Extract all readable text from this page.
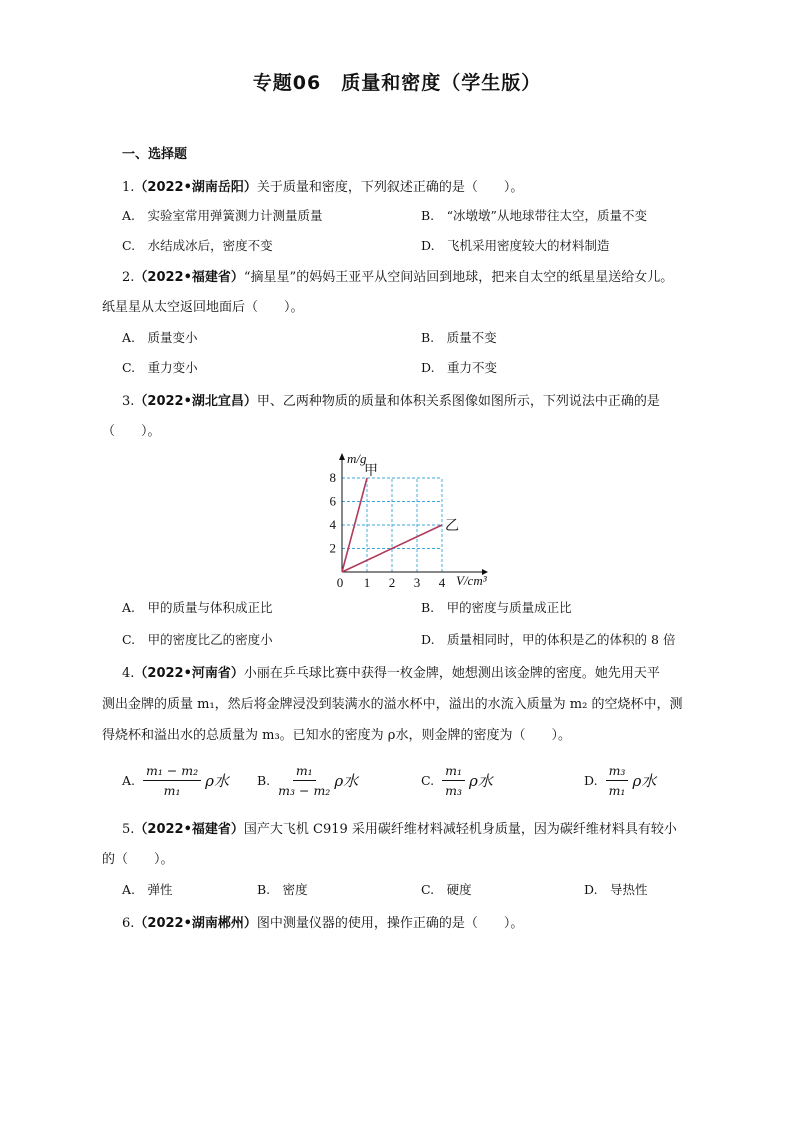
专题06　质量和密度（学生版）
一、选择题
1.（2022•湖南岳阳）关于质量和密度，下列叙述正确的是（　　）。
A.　实验室常用弹簧测力计测量质量	B.　“冰墩墩”从地球带往太空，质量不变
C.　水结成冰后，密度不变	D.　飞机采用密度较大的材料制造
2.（2022•福建省）“摘星星”的妈妈王亚平从空间站回到地球，把来自太空的纸星星送给女儿。
纸星星从太空返回地面后（　　）。
A.　质量变小	B.　质量不变
C.　重力变小	D.　重力不变
3.（2022•湖北宜昌）甲、乙两种物质的质量和体积关系图像如图所示，下列说法中正确的是
（　　）。
0 1 2 3 4
2
4
6
8
m/g
V/cm³
甲
乙
A.　甲的质量与体积成正比	B.　甲的密度与质量成正比
C.　甲的密度比乙的密度小	D.　质量相同时，甲的体积是乙的体积的 8 倍
4.（2022•河南省）小丽在乒乓球比赛中获得一枚金牌，她想测出该金牌的密度。她先用天平
测出金牌的质量 m₁，然后将金牌浸没到装满水的溢水杯中，溢出的水流入质量为 m₂ 的空烧杯中，测
得烧杯和溢出水的总质量为 m₃。已知水的密度为 ρ水，则金牌的密度为（　　）。
A. $\frac{\text{m₁ − m₂}}{\text{m₁}}$ ρ水 B. $\frac{\text{m₁}}{\text{m₃ − m₂}}$ ρ水	C. $\frac{\text{m₁}}{\text{m₃}}$ ρ水	D. $\frac{\text{m₃}}{\text{m₁}}$ ρ水
5.（2022•福建省）国产大飞机 C919 采用碳纤维材料减轻机身质量，因为碳纤维材料具有较小
的（　　）。
A.　弹性	B.　密度	C.　硬度	D.　导热性
6.（2022•湖南郴州）图中测量仪器的使用，操作正确的是（　　）。
